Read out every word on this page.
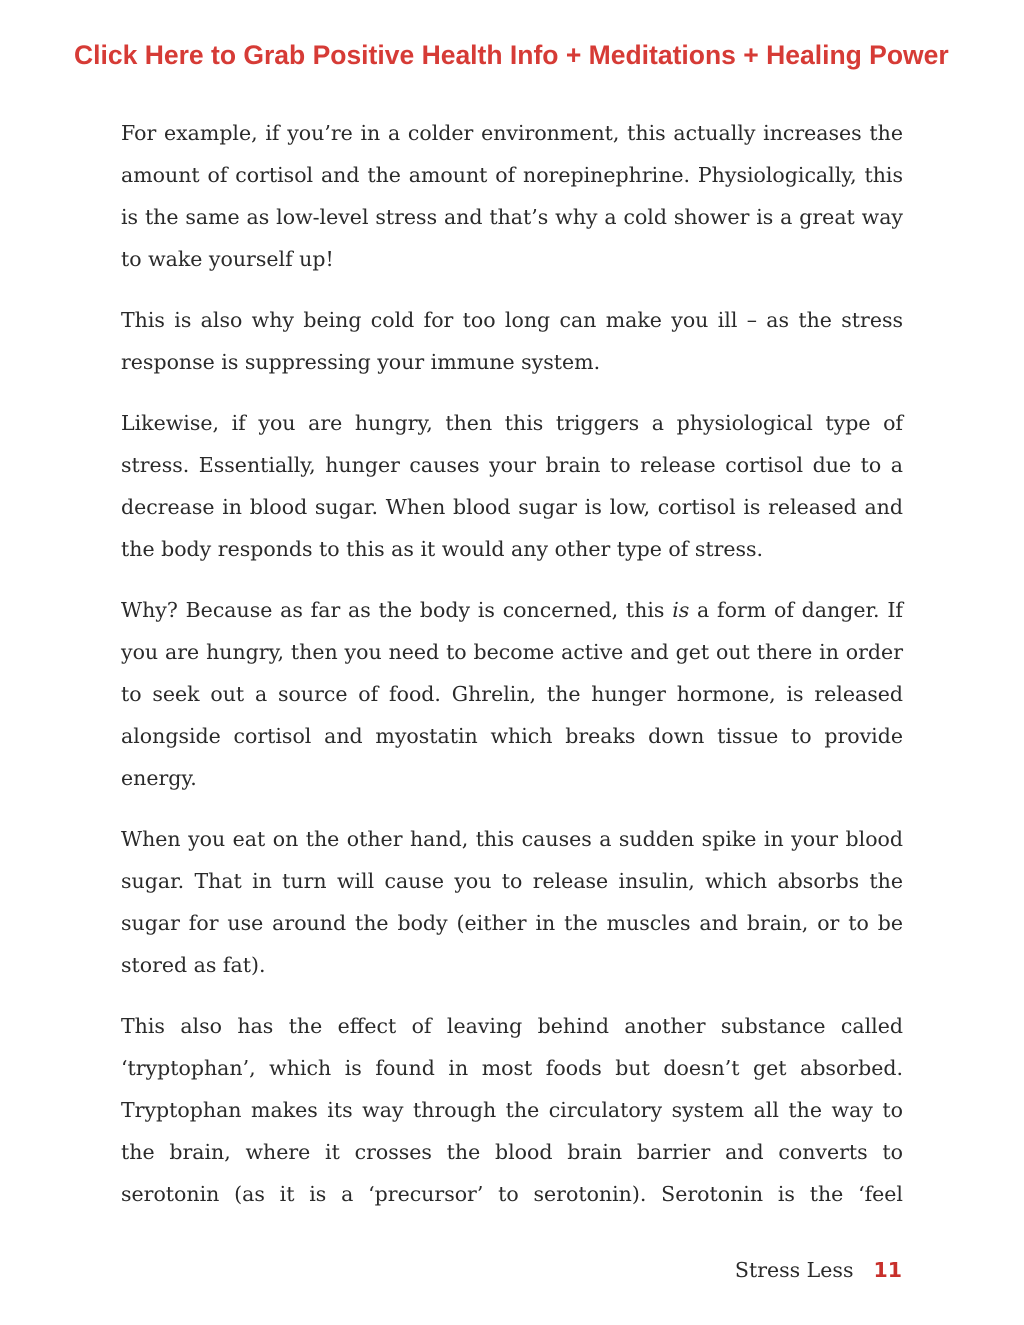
Click Here to Grab Positive Health Info + Meditations + Healing Power

For example, if you’re in a colder environment, this actually increases the amount of cortisol and the amount of norepinephrine. Physiologically, this is the same as low-level stress and that’s why a cold shower is a great way to wake yourself up!

This is also why being cold for too long can make you ill – as the stress response is suppressing your immune system.

Likewise, if you are hungry, then this triggers a physiological type of stress. Essentially, hunger causes your brain to release cortisol due to a decrease in blood sugar. When blood sugar is low, cortisol is released and the body responds to this as it would any other type of stress.

Why? Because as far as the body is concerned, this is a form of danger. If you are hungry, then you need to become active and get out there in order to seek out a source of food. Ghrelin, the hunger hormone, is released alongside cortisol and myostatin which breaks down tissue to provide energy.

When you eat on the other hand, this causes a sudden spike in your blood sugar. That in turn will cause you to release insulin, which absorbs the sugar for use around the body (either in the muscles and brain, or to be stored as fat).

This also has the effect of leaving behind another substance called ‘tryptophan’, which is found in most foods but doesn’t get absorbed. Tryptophan makes its way through the circulatory system all the way to the brain, where it crosses the blood brain barrier and converts to serotonin (as it is a ‘precursor’ to serotonin). Serotonin is the ‘feel

Stress Less 11
